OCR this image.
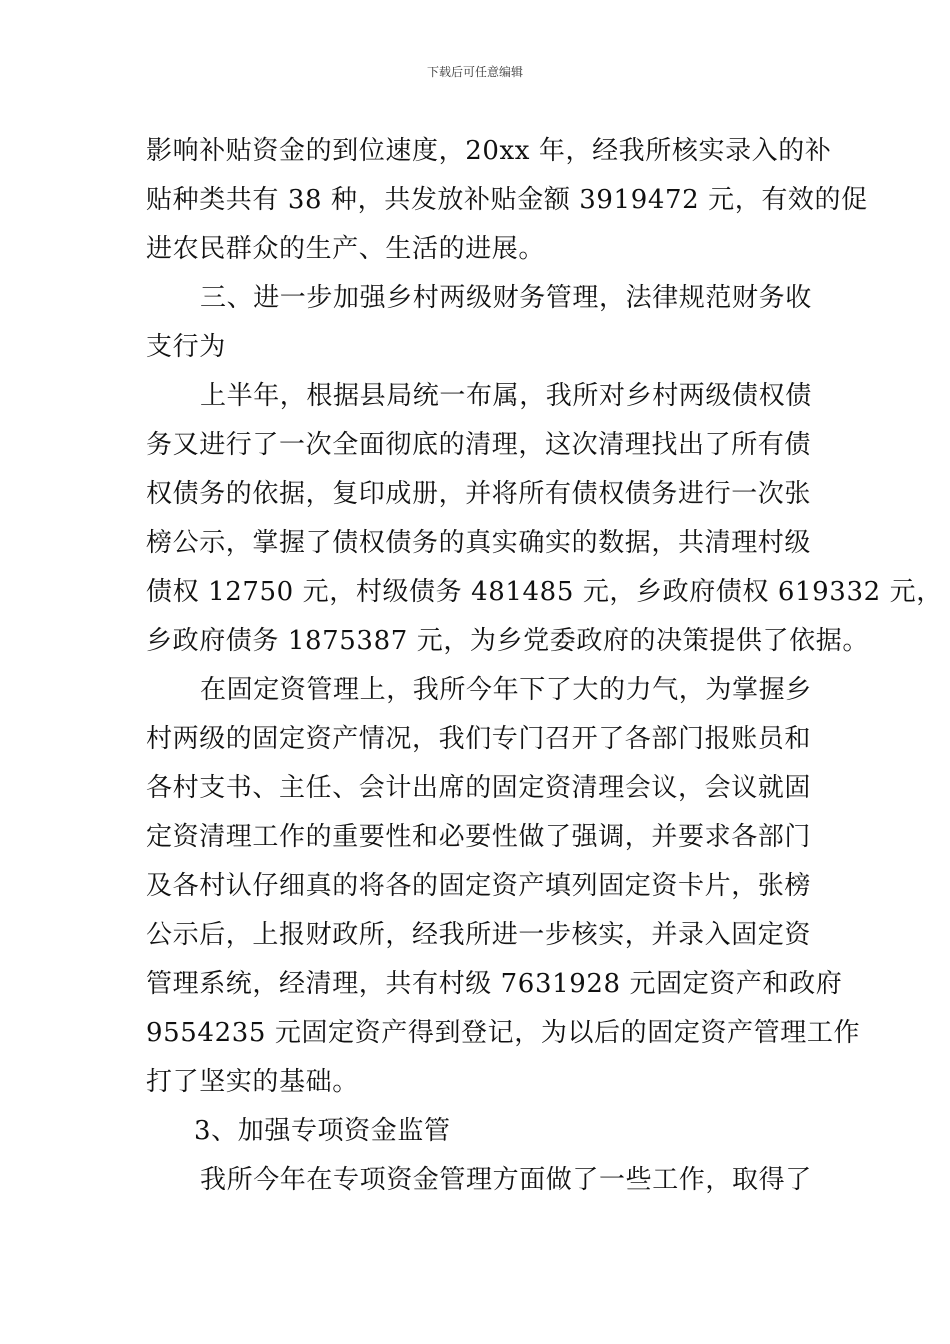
下载后可任意编辑
影响补贴资金的到位速度，20xx 年，经我所核实录入的补
贴种类共有 38 种，共发放补贴金额 3919472 元，有效的促
进农民群众的生产、生活的进展。
三、进一步加强乡村两级财务管理，法律规范财务收
支行为
上半年，根据县局统一布属，我所对乡村两级债权债
务又进行了一次全面彻底的清理，这次清理找出了所有债
权债务的依据，复印成册，并将所有债权债务进行一次张
榜公示，掌握了债权债务的真实确实的数据，共清理村级
债权 12750 元，村级债务 481485 元，乡政府债权 619332 元，
乡政府债务 1875387 元，为乡党委政府的决策提供了依据。
在固定资管理上，我所今年下了大的力气，为掌握乡
村两级的固定资产情况，我们专门召开了各部门报账员和
各村支书、主任、会计出席的固定资清理会议，会议就固
定资清理工作的重要性和必要性做了强调，并要求各部门
及各村认仔细真的将各的固定资产填列固定资卡片，张榜
公示后，上报财政所，经我所进一步核实，并录入固定资
管理系统，经清理，共有村级 7631928 元固定资产和政府
9554235 元固定资产得到登记，为以后的固定资产管理工作
打了坚实的基础。
3、加强专项资金监管
我所今年在专项资金管理方面做了一些工作，取得了
